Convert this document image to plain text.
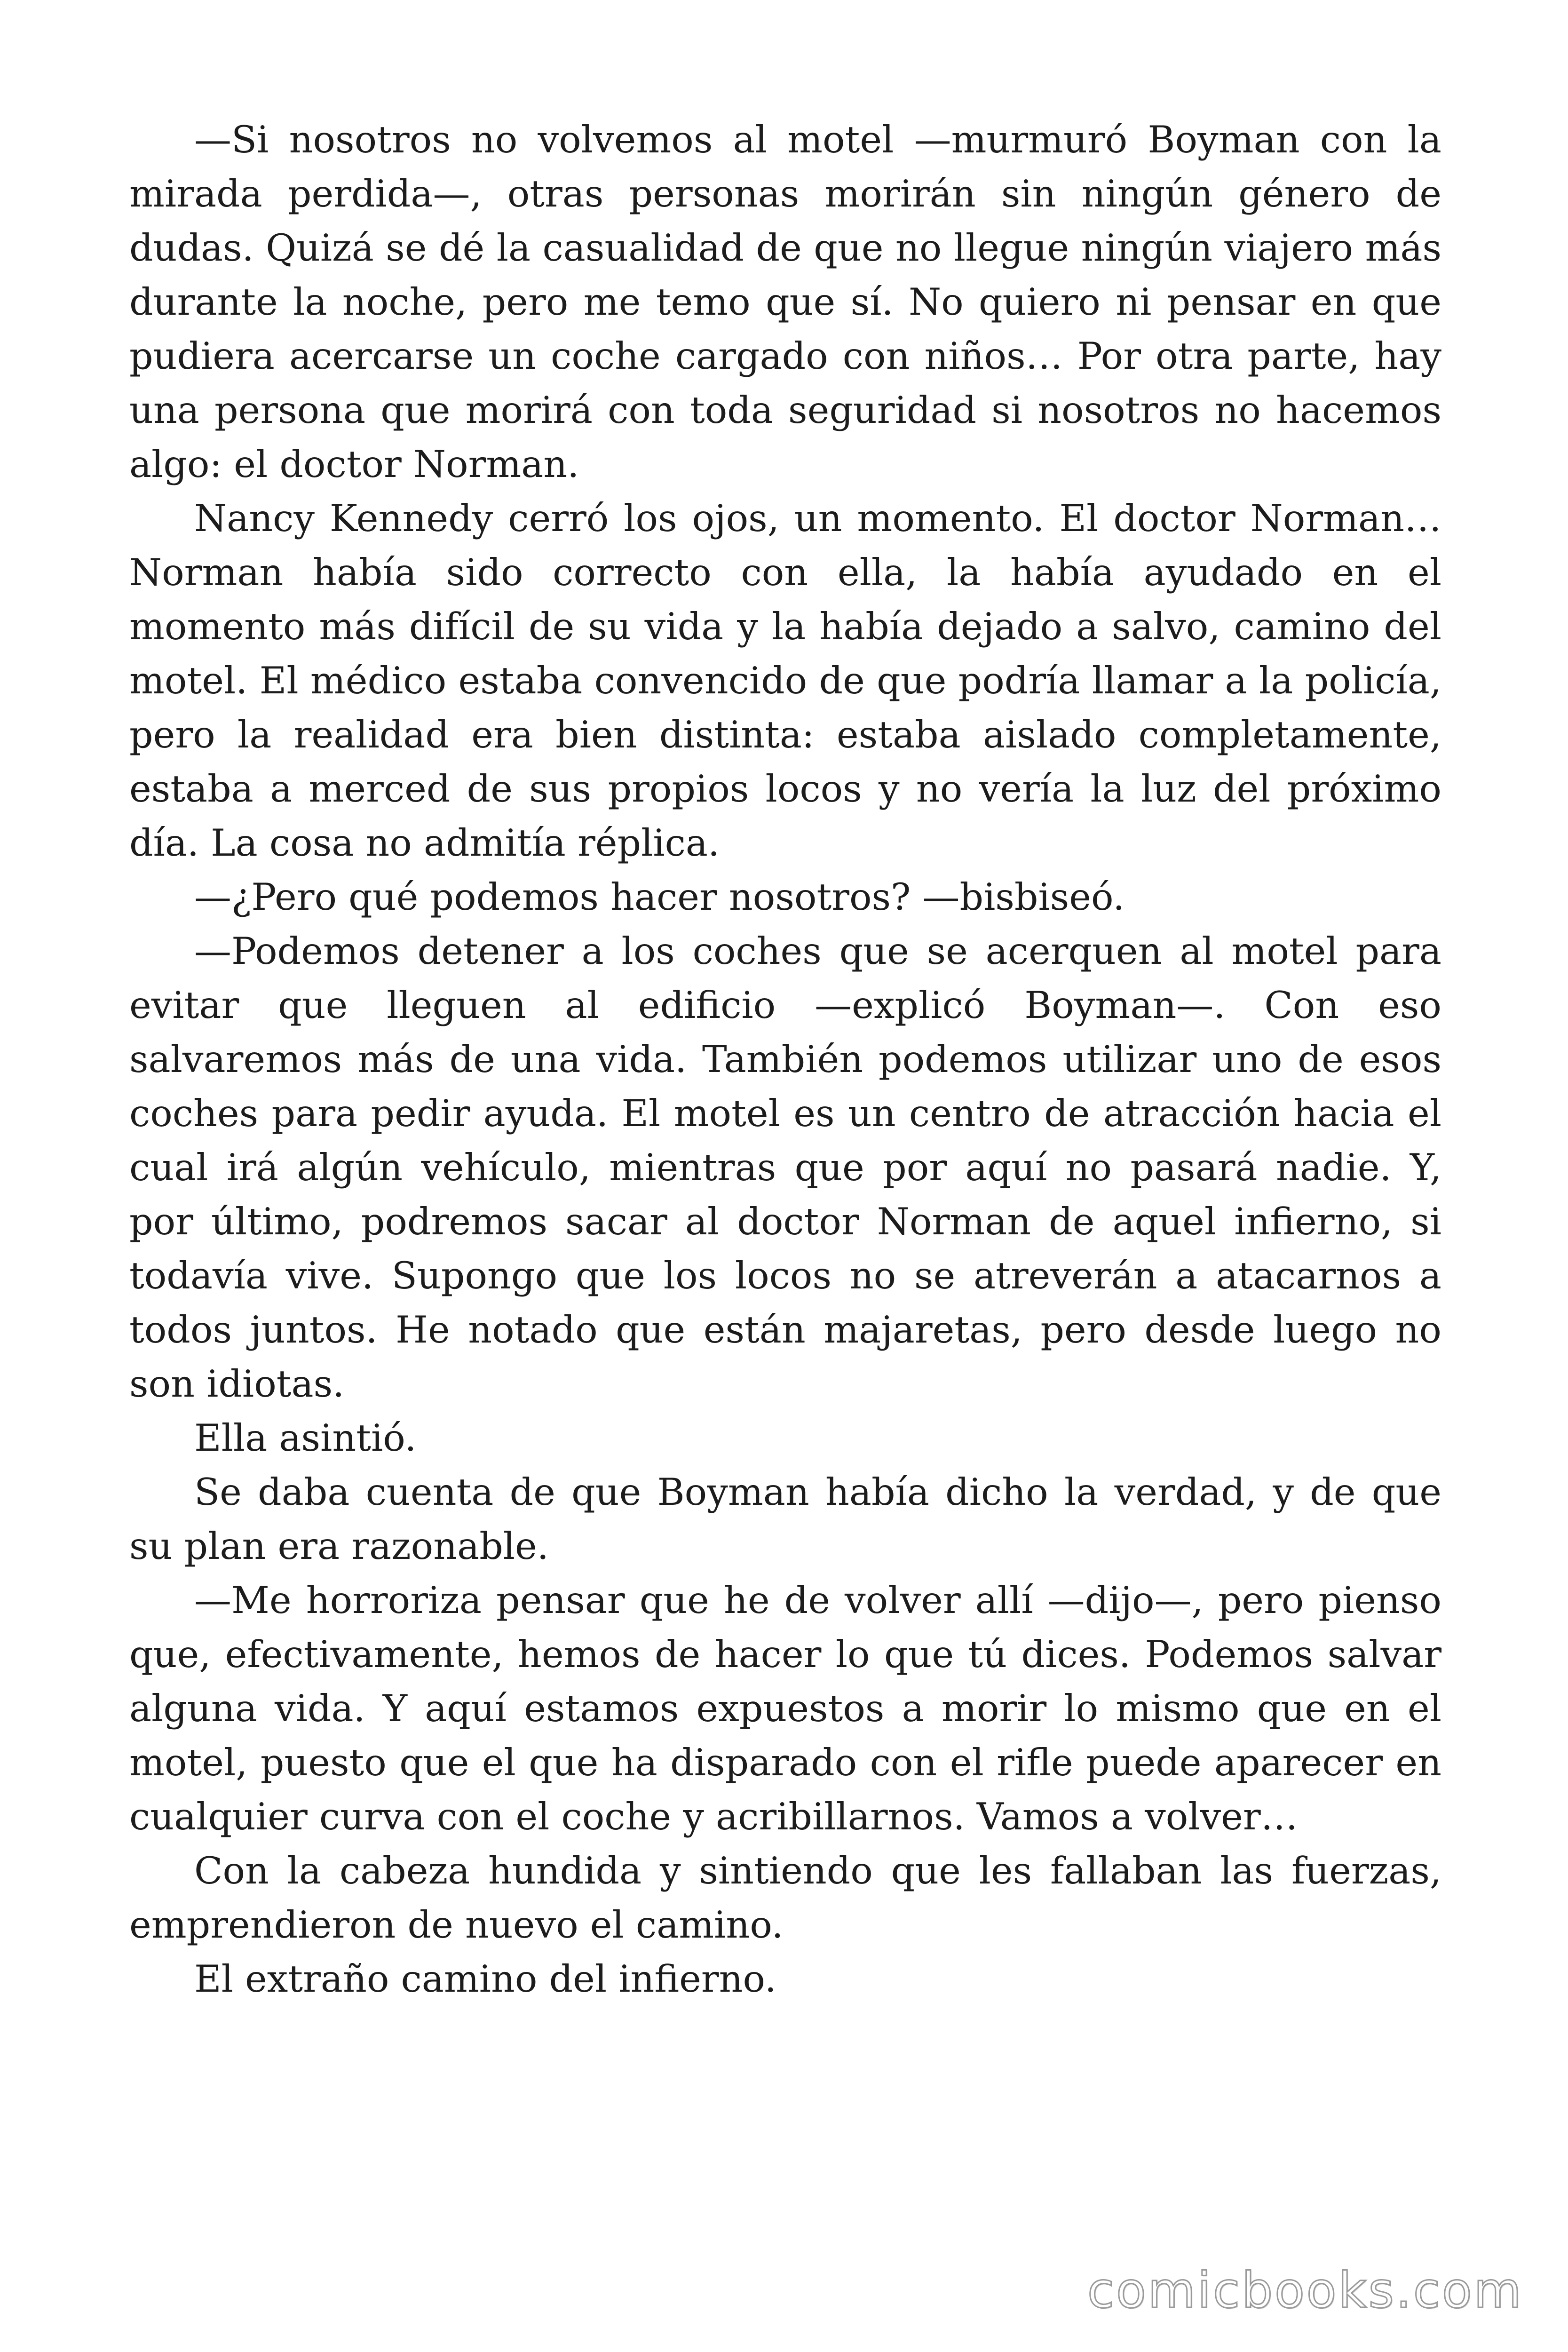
—Si nosotros no volvemos al motel —murmuró Boyman con la mirada perdida—, otras personas morirán sin ningún género de dudas. Quizá se dé la casualidad de que no llegue ningún viajero más durante la noche, pero me temo que sí. No quiero ni pensar en que pudiera acercarse un coche cargado con niños… Por otra parte, hay una persona que morirá con toda seguridad si nosotros no hacemos algo: el doctor Norman.

Nancy Kennedy cerró los ojos, un momento. El doctor Norman… Norman había sido correcto con ella, la había ayudado en el momento más difícil de su vida y la había dejado a salvo, camino del motel. El médico estaba convencido de que podría llamar a la policía, pero la realidad era bien distinta: estaba aislado completamente, estaba a merced de sus propios locos y no vería la luz del próximo día. La cosa no admitía réplica.

—¿Pero qué podemos hacer nosotros? —bisbiseó.

—Podemos detener a los coches que se acerquen al motel para evitar que lleguen al edificio —explicó Boyman—. Con eso salvaremos más de una vida. También podemos utilizar uno de esos coches para pedir ayuda. El motel es un centro de atracción hacia el cual irá algún vehículo, mientras que por aquí no pasará nadie. Y, por último, podremos sacar al doctor Norman de aquel infierno, si todavía vive. Supongo que los locos no se atreverán a atacarnos a todos juntos. He notado que están majaretas, pero desde luego no son idiotas.

Ella asintió.

Se daba cuenta de que Boyman había dicho la verdad, y de que su plan era razonable.

—Me horroriza pensar que he de volver allí —dijo—, pero pienso que, efectivamente, hemos de hacer lo que tú dices. Podemos salvar alguna vida. Y aquí estamos expuestos a morir lo mismo que en el motel, puesto que el que ha disparado con el rifle puede aparecer en cualquier curva con el coche y acribillarnos. Vamos a volver…

Con la cabeza hundida y sintiendo que les fallaban las fuerzas, emprendieron de nuevo el camino.

El extraño camino del infierno.

comicbooks.com
